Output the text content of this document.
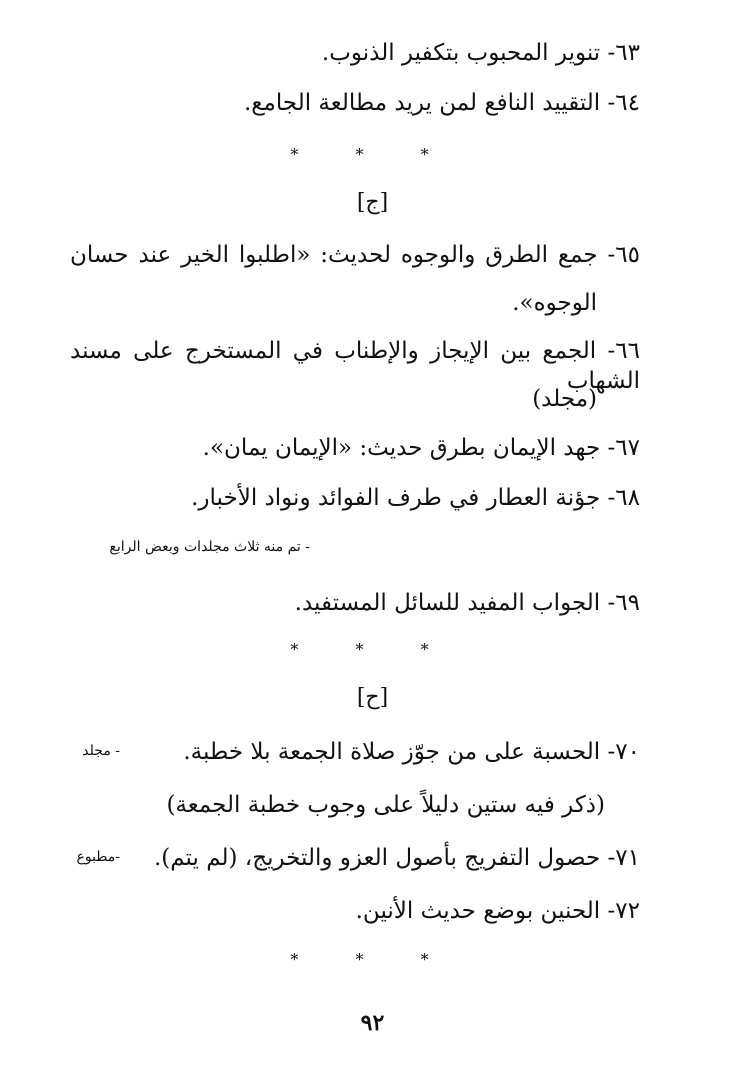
٦٣- تنوير المحبوب بتكفير الذنوب.
٦٤- التقييد النافع لمن يريد مطالعة الجامع.
* * *
[ج]
٦٥- جمع الطرق والوجوه لحديث: «اطلبوا الخير عند حسان
الوجوه».
٦٦- الجمع بين الإيجاز والإطناب في المستخرج على مسند الشهاب
(مجلد)
٦٧- جهد الإيمان بطرق حديث: «الإيمان يمان».
٦٨- جؤنة العطار في طرف الفوائد ونواد الأخبار.
- تم منه ثلاث مجلدات وبعض الرابع
٦٩- الجواب المفيد للسائل المستفيد.
* * *
[ح]
٧٠- الحسبة على من جوّز صلاة الجمعة بلا خطبة.
- مجلد
(ذكر فيه ستين دليلاً على وجوب خطبة الجمعة)
٧١- حصول التفريج بأصول العزو والتخريج، (لم يتم).
-مطبوع
٧٢- الحنين بوضع حديث الأنين.
* * *
٩٢
